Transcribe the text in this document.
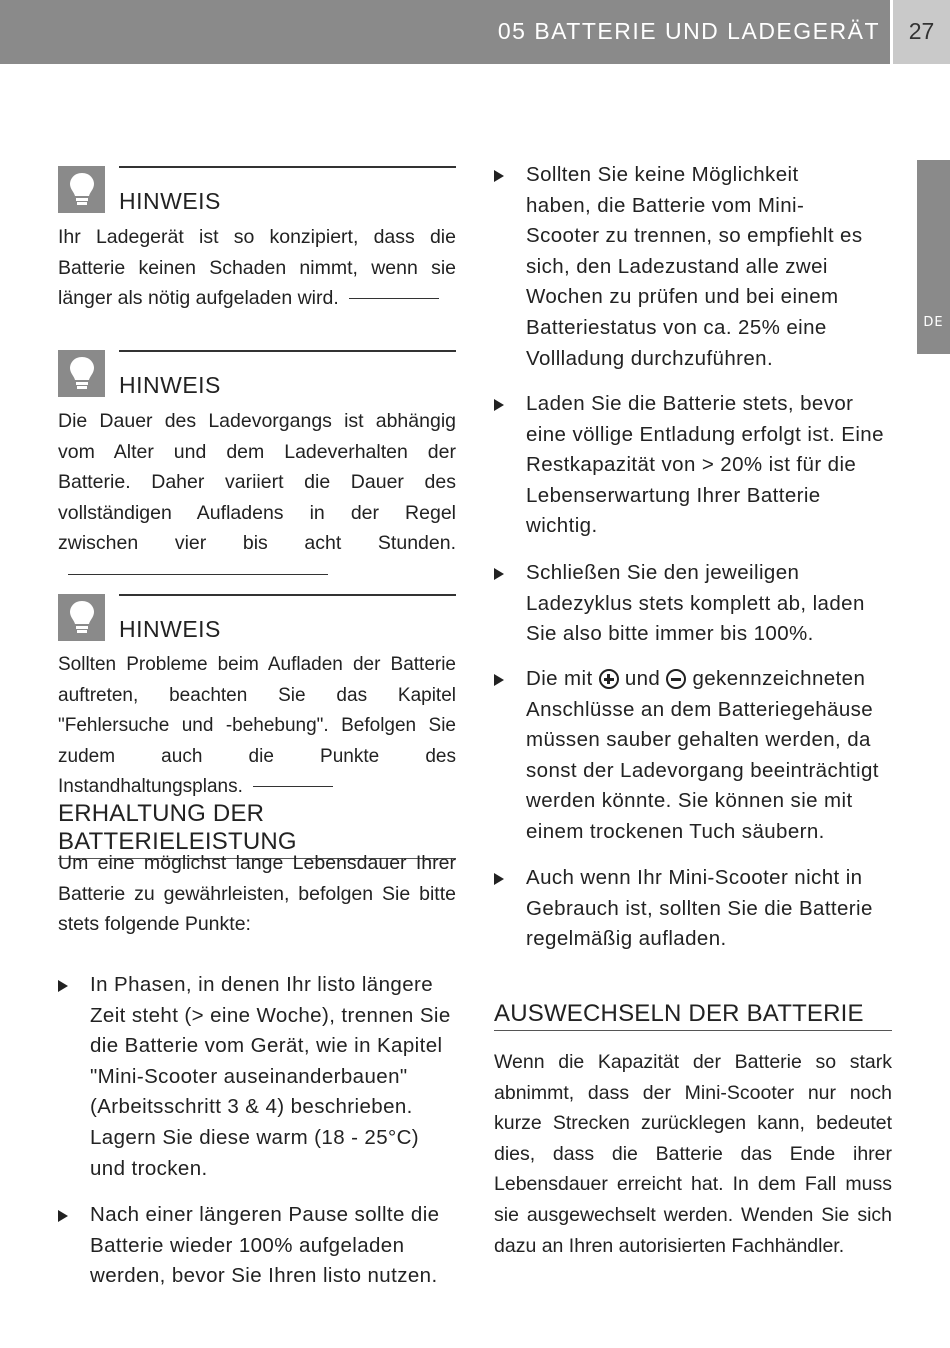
05 BATTERIE UND LADEGERÄT	27
DE
HINWEIS
Ihr Ladegerät ist so konzipiert, dass die Batterie keinen Schaden nimmt, wenn sie länger als nötig aufgeladen wird.
HINWEIS
Die Dauer des Ladevorgangs ist abhängig vom Alter und dem Ladeverhalten der Batterie. Daher variiert die Dauer des vollständigen Aufladens in der Regel zwischen vier bis acht Stunden.
HINWEIS
Sollten Probleme beim Aufladen der Batterie auftreten, beachten Sie das Kapitel "Fehlersuche und -behebung". Befolgen Sie zudem auch die Punkte des Instandhaltungsplans.
ERHALTUNG DER BATTERIELEISTUNG
Um eine möglichst lange Lebensdauer Ihrer Batterie zu gewährleisten, befolgen Sie bitte stets folgende Punkte:
In Phasen, in denen Ihr listo längere Zeit steht (> eine Woche), trennen Sie die Batterie vom Gerät, wie in Kapitel "Mini-Scooter auseinanderbauen" (Arbeitsschritt 3 & 4) beschrieben. Lagern Sie diese warm (18 - 25°C) und trocken.
Nach einer längeren Pause sollte die Batterie wieder 100% aufgeladen werden, bevor Sie Ihren listo nutzen.
Sollten Sie keine Möglichkeit haben, die Batterie vom Mini-Scooter zu trennen, so empfiehlt es sich, den Ladezustand alle zwei Wochen zu prüfen und bei einem Batteriestatus von ca. 25% eine Vollladung durchzuführen.
Laden Sie die Batterie stets, bevor eine völlige Entladung erfolgt ist. Eine Restkapazität von > 20% ist für die Lebenserwartung Ihrer Batterie wichtig.
Schließen Sie den jeweiligen Ladezyklus stets komplett ab, laden Sie also bitte immer bis 100%.
Die mit und gekennzeichneten Anschlüsse an dem Batteriegehäuse müssen sauber gehalten werden, da sonst der Ladevorgang beeinträchtigt werden könnte. Sie können sie mit einem trockenen Tuch säubern.
Auch wenn Ihr Mini-Scooter nicht in Gebrauch ist, sollten Sie die Batterie regelmäßig aufladen.
AUSWECHSELN DER BATTERIE
Wenn die Kapazität der Batterie so stark abnimmt, dass der Mini-Scooter nur noch kurze Strecken zurücklegen kann, bedeutet dies, dass die Batterie das Ende ihrer Lebensdauer erreicht hat. In dem Fall muss sie ausgewechselt werden. Wenden Sie sich dazu an Ihren autorisierten Fachhändler.
